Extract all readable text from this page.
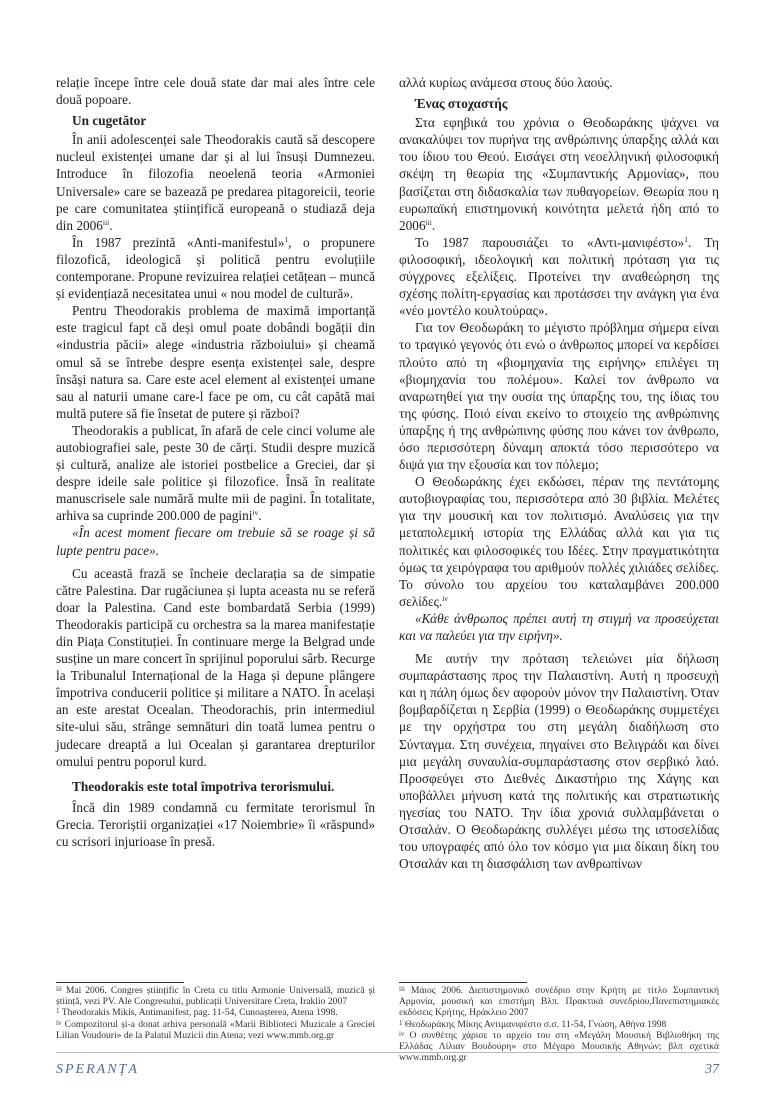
relație începe între cele două state dar mai ales între cele două popoare.

Un cugetător

În anii adolescenței sale Theodorakis caută să descopere nucleul existenței umane dar și al lui însuși Dumnezeu. Introduce în filozofia neoelenă teoria «Armoniei Universale» care se bazează pe predarea pitagoreicii, teorie pe care comunitatea științifică europeană o studiază deja din 2006$^{iii}$.

În 1987 prezintă «Anti-manifestul»$^1$, o propunere filozofică, ideologică și politică pentru evoluțiile contemporane. Propune revizuirea relației cetățean – muncă și evidențiază necesitatea unui « nou model de cultură».

Pentru Theodorakis problema de maximă importanță este tragicul fapt că deși omul poate dobândi bogății din «industria păcii» alege «industria războiului» și cheamă omul să se întrebe despre esența existenței sale, despre însăși natura sa. Care este acel element al existenței umane sau al naturii umane care-l face pe om, cu cât capătă mai multă putere să fie însetat de putere și război?

Theodorakis a publicat, în afară de cele cinci volume ale autobiografiei sale, peste 30 de cărți. Studii despre muzică și cultură, analize ale istoriei postbelice a Greciei, dar și despre ideile sale politice și filozofice. Însă în realitate manuscrisele sale numără multe mii de pagini. În totalitate, arhiva sa cuprinde 200.000 de pagini$^{iv}$.

«În acest moment fiecare om trebuie să se roage și să lupte pentru pace».

Cu această frază se încheie declarația sa de simpatie către Palestina. Dar rugăciunea și lupta aceasta nu se referă doar la Palestina. Cand este bombardată Serbia (1999) Theodorakis participă cu orchestra sa la marea manifestație din Piața Constituției. În continuare merge la Belgrad unde susține un mare concert în sprijinul poporului sârb. Recurge la Tribunalul Internațional de la Haga și depune plângere împotriva conducerii politice și militare a NATO. În același an este arestat Ocealan. Theodorachis, prin intermediul site-ului său, strânge semnături din toată lumea pentru o judecare dreaptă a lui Ocealan și garantarea drepturilor omului pentru poporul kurd.

Theodorakis este total împotriva terorismului.

Încă din 1989 condamnă cu fermitate terorismul în Grecia. Teroriștii organizației «17 Noiembrie» îi «răspund» cu scrisori injurioase în presă.

αλλά κυρίως ανάμεσα στους δύο λαούς.

Ένας στοχαστής

Στα εφηβικά του χρόνια ο Θεοδωράκης ψάχνει να ανακαλύψει τον πυρήνα της ανθρώπινης ύπαρξης αλλά και του ίδιου του Θεού. Εισάγει στη νεοελληνική φιλοσοφική σκέψη τη θεωρία της «Συμπαντικής Αρμονίας», που βασίζεται στη διδασκαλία των πυθαγορείων. Θεωρία που η ευρωπαϊκή επιστημονική κοινότητα μελετά ήδη από το 2006$^{iii}$.

Το 1987 παρουσιάζει το «Αντι-μανιφέστο»$^1$. Τη φιλοσοφική, ιδεολογική και πολιτική πρόταση για τις σύγχρονες εξελίξεις. Προτείνει την αναθεώρηση της σχέσης πολίτη-εργασίας και προτάσσει την ανάγκη για ένα «νέο μοντέλο κουλτούρας».

Για τον Θεοδωράκη το μέγιστο πρόβλημα σήμερα είναι το τραγικό γεγονός ότι ενώ ο άνθρωπος μπορεί να κερδίσει πλούτο από τη «βιομηχανία της ειρήνης» επιλέγει τη «βιομηχανία του πολέμου». Καλεί τον άνθρωπο να αναρωτηθεί για την ουσία της ύπαρξης του, της ίδιας του της φύσης. Ποιό είναι εκείνο το στοιχείο της ανθρώπινης ύπαρξης ή της ανθρώπινης φύσης που κάνει τον άνθρωπο, όσο περισσότερη δύναμη αποκτά τόσο περισσότερο να διψά για την εξουσία και τον πόλεμο;

Ο Θεοδωράκης έχει εκδώσει, πέραν της πεντάτομης αυτοβιογραφίας του, περισσότερα από 30 βιβλία. Μελέτες για την μουσική και τον πολιτισμό. Αναλύσεις για την μεταπολεμική ιστορία της Ελλάδας αλλά και για τις πολιτικές και φιλοσοφικές του Ιδέες. Στην πραγματικότητα όμως τα χειρόγραφα του αριθμούν πολλές χιλιάδες σελίδες. Το σύνολο του αρχείου του καταλαμβάνει 200.000 σελίδες.$^{iv}$

«Κάθε άνθρωπος πρέπει αυτή τη στιγμή να προσεύχεται και να παλεύει για την ειρήνη».

Με αυτήν την πρόταση τελειώνει μία δήλωση συμπαράστασης προς την Παλαιστίνη. Αυτή η προσευχή και η πάλη όμως δεν αφορούν μόνον την Παλαιστίνη. Όταν βομβαρδίζεται η Σερβία (1999) ο Θεοδωράκης συμμετέχει με την ορχήστρα του στη μεγάλη διαδήλωση στο Σύνταγμα. Στη συνέχεια, πηγαίνει στο Βελιγράδι και δίνει μια μεγάλη συναυλία-συμπαράστασης στον σερβικό λαό. Προσφεύγει στο Διεθνές Δικαστήριο της Χάγης και υποβάλλει μήνυση κατά της πολιτικής και στρατιωτικής ηγεσίας του ΝΑΤΟ. Την ίδια χρονιά συλλαμβάνεται ο Οτσαλάν. Ο Θεοδωράκης συλλέγει μέσω της ιστοσελίδας του υπογραφές από όλο τον κόσμο για μια δίκαιη δίκη του Οτσαλάν και τη διασφάλιση των ανθρωπίνων

$^{iii}$ Mai 2006. Congres științific în Creta cu titlu Armonie Universală, muzică și știință, vezi PV. Ale Congresului, publicații Universitare Creta, Iraklio 2007

$^1$ Theodorakis Mikis, Antimanifest, pag. 11-54, Cunoașterea, Atena 1998.

$^{iv}$ Compozitorul și-a donat arhiva personală «Marii Biblioteci Muzicale a Greciei Lilian Voudouri» de la Palatul Muzicii din Atena; vezi www.mmb.org.gr

$^{iii}$ Μάιος 2006. Διεπιστημονικό συνέδριο στην Κρήτη με τίτλο Συμπαντική Αρμονία, μουσική και επιστήμη Βλπ. Πρακτικά συνεδρίου,Πανεπιστημιακές εκδόσεις Κρήτης, Ηράκλειο 2007

$^1$ Θεοδωράκης Μίκης Αντιμανιφέστο σ.σ. 11-54, Γνώση, Αθήνα 1998

$^{iv}$ Ο συνθέτης χάρισε το αρχείο του στη «Μεγάλη Μουσική Βιβλιοθήκη της Ελλάδας Λίλιαν Βουδούρη» στο Μέγαρο Μουσικής Αθηνών; βλπ σχετικά www.mmb.org.gr

SPERANȚA	37
